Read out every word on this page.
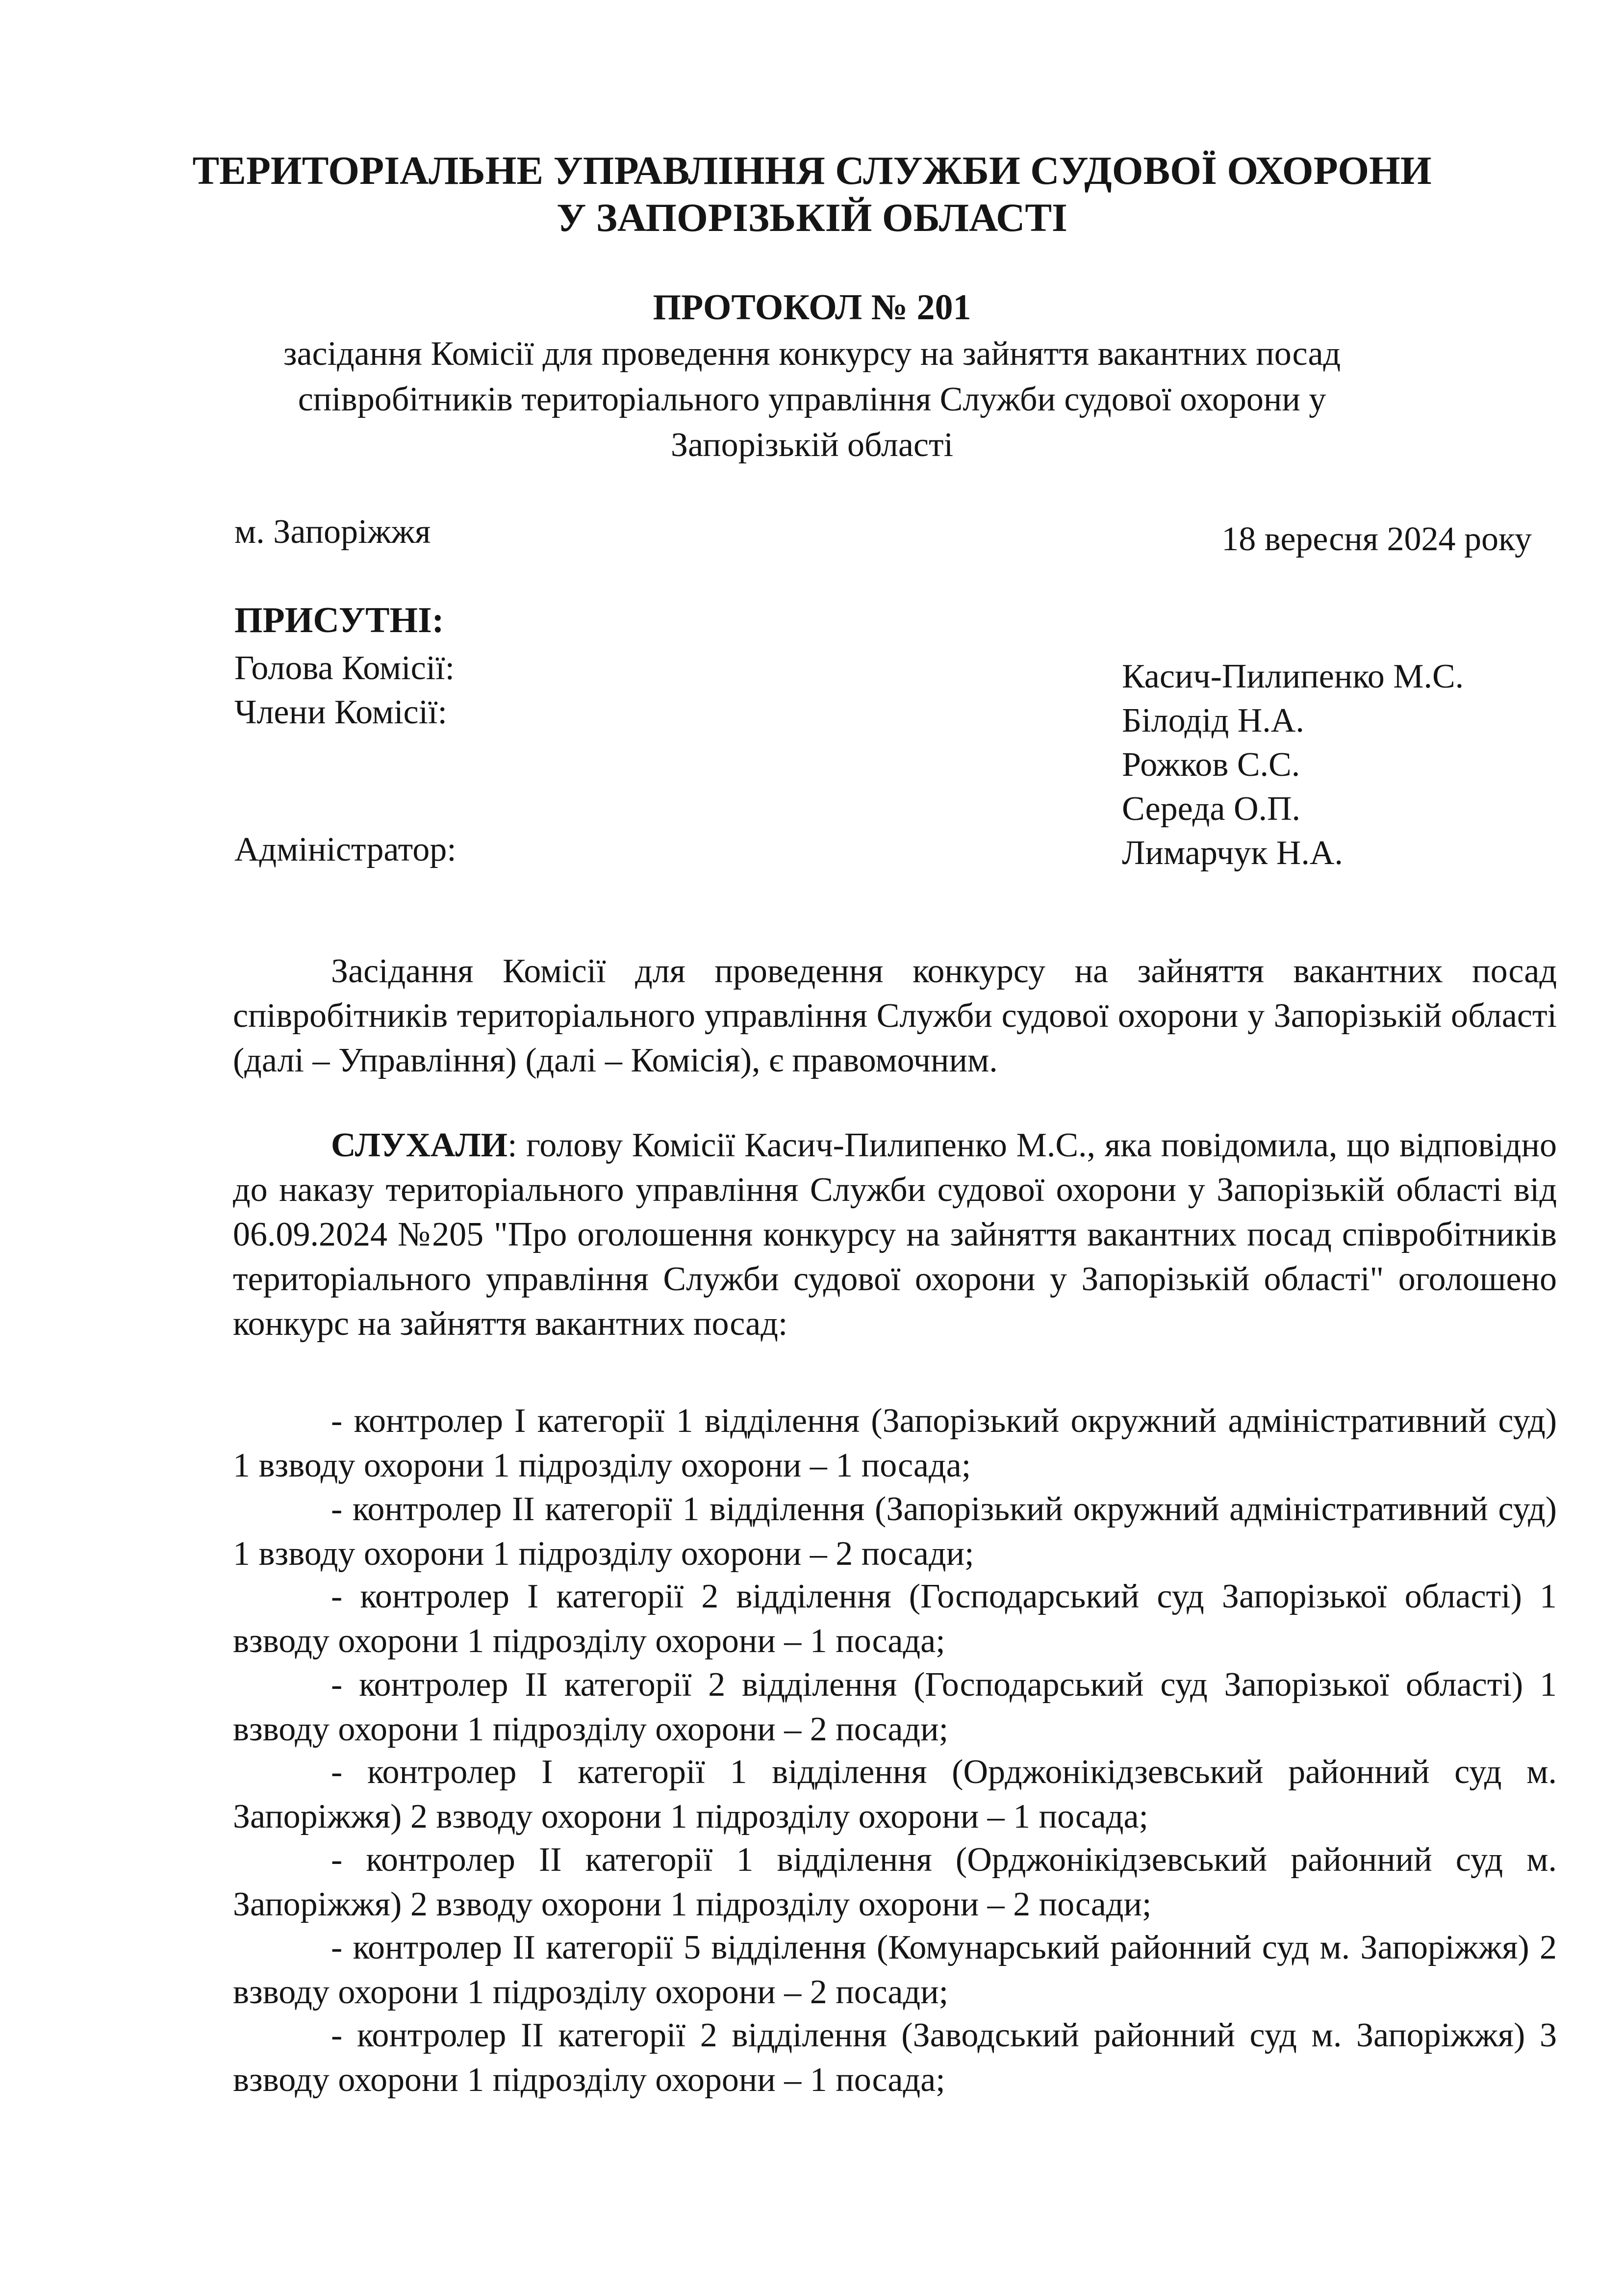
ТЕРИТОРІАЛЬНЕ УПРАВЛІННЯ СЛУЖБИ СУДОВОЇ ОХОРОНИ
У ЗАПОРІЗЬКІЙ ОБЛАСТІ
ПРОТОКОЛ № 201
засідання Комісії для проведення конкурсу на зайняття вакантних посад
співробітників територіального управління Служби судової охорони у
Запорізькій області
м. Запоріжжя	18 вересня 2024 року
ПРИСУТНІ:
Голова Комісії:	Касич-Пилипенко М.С.
Члени Комісії:	Білодід Н.А.
Рожков С.С.
Середа О.П.
Адміністратор:	Лимарчук Н.А.
Засідання Комісії для проведення конкурсу на зайняття вакантних посад співробітників територіального управління Служби судової охорони у Запорізькій області (далі – Управління) (далі – Комісія), є правомочним.
СЛУХАЛИ: голову Комісії Касич-Пилипенко М.С., яка повідомила, що відповідно до наказу територіального управління Служби судової охорони у Запорізькій області від 06.09.2024 №205 "Про оголошення конкурсу на зайняття вакантних посад співробітників територіального управління Служби судової охорони у Запорізькій області" оголошено конкурс на зайняття вакантних посад:
- контролер I категорії 1 відділення (Запорізький окружний адміністративний суд) 1 взводу охорони 1 підрозділу охорони – 1 посада;
- контролер II категорії 1 відділення (Запорізький окружний адміністративний суд) 1 взводу охорони 1 підрозділу охорони – 2 посади;
- контролер I категорії 2 відділення (Господарський суд Запорізької області) 1 взводу охорони 1 підрозділу охорони – 1 посада;
- контролер II категорії 2 відділення (Господарський суд Запорізької області) 1 взводу охорони 1 підрозділу охорони – 2 посади;
- контролер I категорії 1 відділення (Орджонікідзевський районний суд м. Запоріжжя) 2 взводу охорони 1 підрозділу охорони – 1 посада;
- контролер II категорії 1 відділення (Орджонікідзевський районний суд м. Запоріжжя) 2 взводу охорони 1 підрозділу охорони – 2 посади;
- контролер II категорії 5 відділення (Комунарський районний суд м. Запоріжжя) 2 взводу охорони 1 підрозділу охорони – 2 посади;
- контролер II категорії 2 відділення (Заводський районний суд м. Запоріжжя) 3 взводу охорони 1 підрозділу охорони – 1 посада;
